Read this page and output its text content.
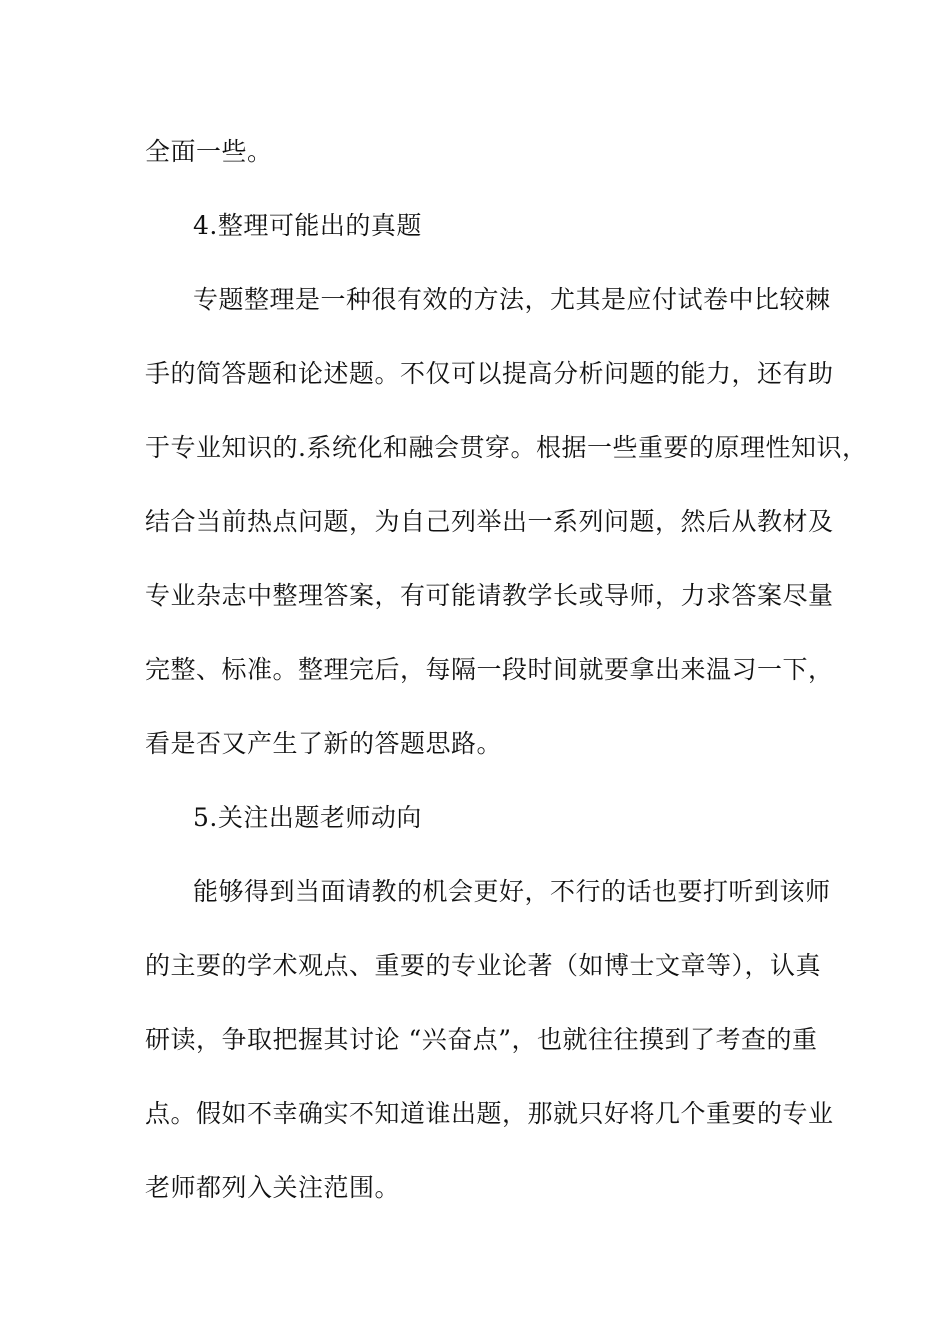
全面一些。
4.整理可能出的真题
专题整理是一种很有效的方法，尤其是应付试卷中比较棘
手的简答题和论述题。不仅可以提高分析问题的能力，还有助
于专业知识的.系统化和融会贯穿。根据一些重要的原理性知识，
结合当前热点问题，为自己列举出一系列问题，然后从教材及
专业杂志中整理答案，有可能请教学长或导师，力求答案尽量
完整、标准。整理完后，每隔一段时间就要拿出来温习一下，
看是否又产生了新的答题思路。
5.关注出题老师动向
能够得到当面请教的机会更好，不行的话也要打听到该师
的主要的学术观点、重要的专业论著（如博士文章等），认真
研读，争取把握其讨论 “兴奋点”，也就往往摸到了考查的重
点。假如不幸确实不知道谁出题，那就只好将几个重要的专业
老师都列入关注范围。
